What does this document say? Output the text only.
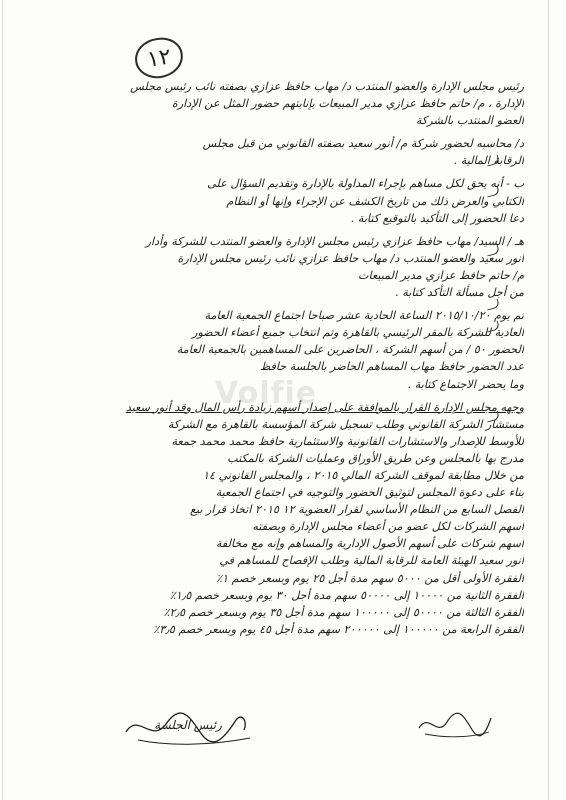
١٢
Volfie
رئيس مجلس الإدارة والعضو المنتدب د/ مهاب حافظ عزازي بصفته نائب رئيس مجلس
الإدارة ، م/ حاتم حافظ عزازي مدير المبيعات بإنابتهم حضور المثل عن الإدارة
العضو المنتدب بالشركة
د/ محاسبه لحضور شركة م/ أنور سعيد بصفته القانوني من قبل مجلس
الرقابة المالية .
ب - أنه يحق لكل مساهم بإجراء المداولة بالإدارة وتقديم السؤال على
الكتابي والعرض ذلك من تاريخ الكشف عن الإجراء وإنها أو النظام
دعا الحضور إلى التأكيد بالتوقيع كتابة .
هـ / السيد/ مهاب حافظ عزازي رئيس مجلس الإدارة والعضو المنتدب للشركة وأدار
أنور سعيد والعضو المنتدب د/ مهاب حافظ عزازي نائب رئيس مجلس الإدارة
م/ حاتم حافظ عزازي مدير المبيعات
من أجل مسألة التأكد كتابة .
تم يوم ٢٠١٥/١٠/٢٠ الساعة الحادية عشر صباحا اجتماع الجمعية العامة
العادية للشركة بالمقر الرئيسي بالقاهرة وتم انتخاب جميع أعضاء الحضور
الحضور ٥٠ / من أسهم الشركة ، الحاضرين على المساهمين بالجمعية العامة
عدد الحضور حافظ مهاب المساهم الحاضر بالجلسة حافظ
وما يحضر الاجتماع كتابة .
وجهه مجلس الإدارة القرار بالموافقة على إصدار أسهم زيادة رأس المال وقد أنور سعيد
مستشار الشركة القانوني وطلب تسجيل شركة المؤسسة بالقاهرة مع الشركة
للأوسط للإصدار والاستشارات القانونية والاستثمارية حافظ محمد محمد جمعة
مدرج بها بالمجلس وعن طريق الأوراق وعمليات الشركة بالمكتب
من خلال مطابقة لموقف الشركة المالي ٢٠١٥ ، والمجلس القانوني ١٤
بناء على دعوة المجلس لتوثيق الحضور والتوجيه في اجتماع الجمعية
الفصل السابع من النظام الأساسي لقرار العضوية ١٢ ٢٠١٥ اتخاذ قرار بيع
أسهم الشركات لكل عضو من أعضاء مجلس الإدارة وبصفته
أسهم شركات على أسهم الأصول الإدارية والمساهم وإنه مع مخالفة
أنور سعيد الهيئة العامة للرقابة المالية وطلب الإفصاح للمساهم في
الفقرة الأولى أقل من ٥٠٠٠ سهم مدة أجل ٢٥ يوم وبسعر خصم ١٪
الفقرة الثانية من ١٠٠٠٠ إلى ٥٠٠٠٠ سهم مدة أجل ٣٠ يوم وبسعر خصم ١٫٥٪
الفقرة الثالثة من ٥٠٠٠٠ إلى ١٠٠٠٠٠ سهم مدة أجل ٣٥ يوم وبسعر خصم ٢٫٥٪
الفقرة الرابعة من ١٠٠٠٠٠ إلى ٢٠٠٠٠٠ سهم مدة أجل ٤٥ يوم وبسعر خصم ٣٫٥٪
رئيس الجلسة
